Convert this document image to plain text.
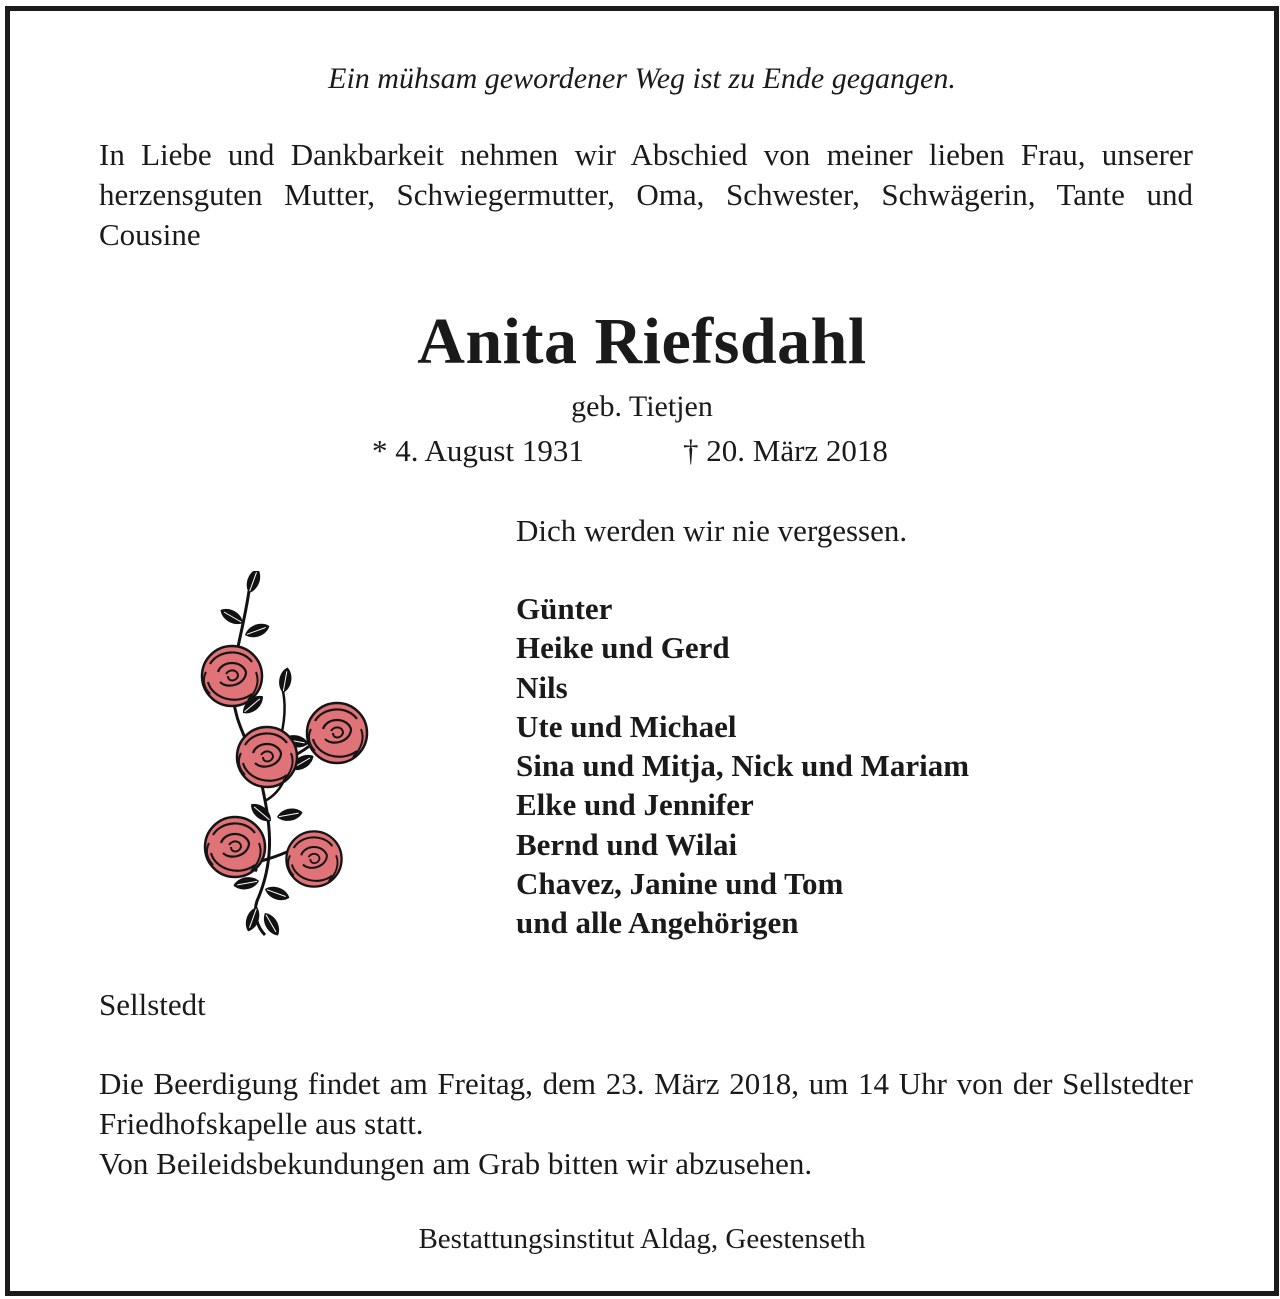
Ein mühsam gewordener Weg ist zu Ende gegangen.
In Liebe und Dankbarkeit nehmen wir Abschied von meiner lieben Frau, unserer herzensguten Mutter, Schwiegermutter, Oma, Schwester, Schwägerin, Tante und Cousine
Anita Riefsdahl
geb. Tietjen
* 4. August 1931	† 20. März 2018
Dich werden wir nie vergessen.
Günter
Heike und Gerd
Nils
Ute und Michael
Sina und Mitja, Nick und Mariam
Elke und Jennifer
Bernd und Wilai
Chavez, Janine und Tom
und alle Angehörigen
Sellstedt
Die Beerdigung findet am Freitag, dem 23. März 2018, um 14 Uhr von der Sellstedter Friedhofskapelle aus statt.
Von Beileidsbekundungen am Grab bitten wir abzusehen.
Bestattungsinstitut Aldag, Geestenseth
